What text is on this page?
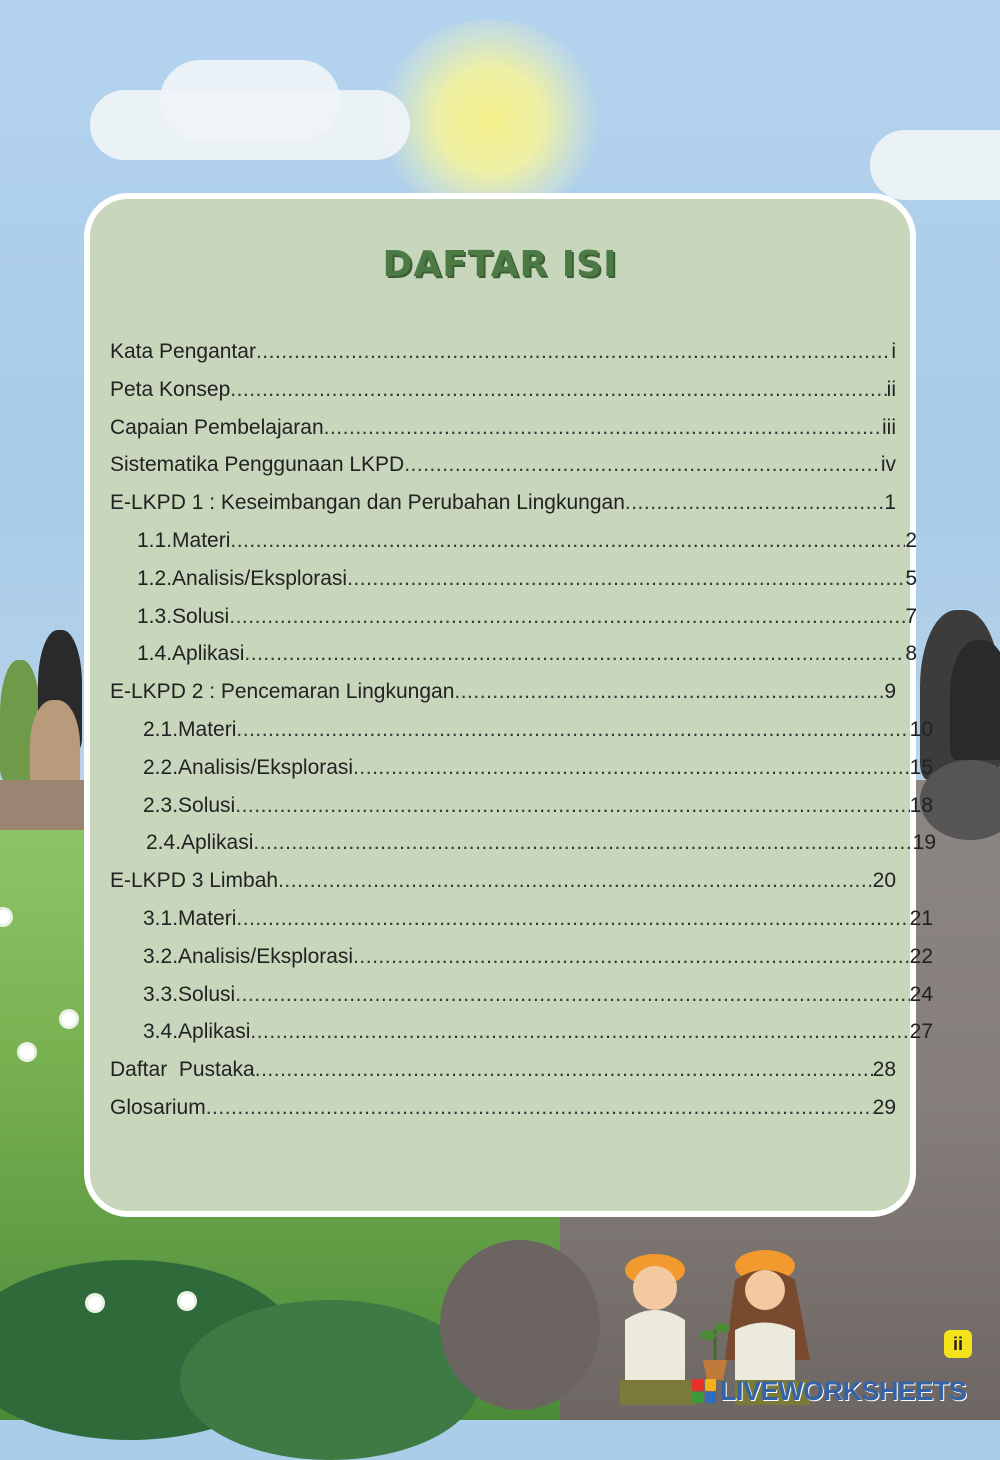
DAFTAR ISI
Kata Pengantar .....	i
Peta Konsep .....	ii
Capaian Pembelajaran .....	iii
Sistematika Penggunaan LKPD .....	iv
E-LKPD 1 : Keseimbangan dan Perubahan Lingkungan .....	1
1.1.Materi .....	2
1.2.Analisis/Eksplorasi .....	5
1.3.Solusi .....	7
1.4.Aplikasi .....	8
E-LKPD 2 : Pencemaran Lingkungan .....	9
2.1.Materi .....	10
2.2.Analisis/Eksplorasi .....	15
2.3.Solusi .....	18
2.4.Aplikasi .....	19
E-LKPD 3 Limbah .....	20
3.1.Materi .....	21
3.2.Analisis/Eksplorasi .....	22
3.3.Solusi .....	24
3.4.Aplikasi .....	27
Daftar  Pustaka .....	28
Glosarium .....	29
ii
LIVEWORKSHEETS
